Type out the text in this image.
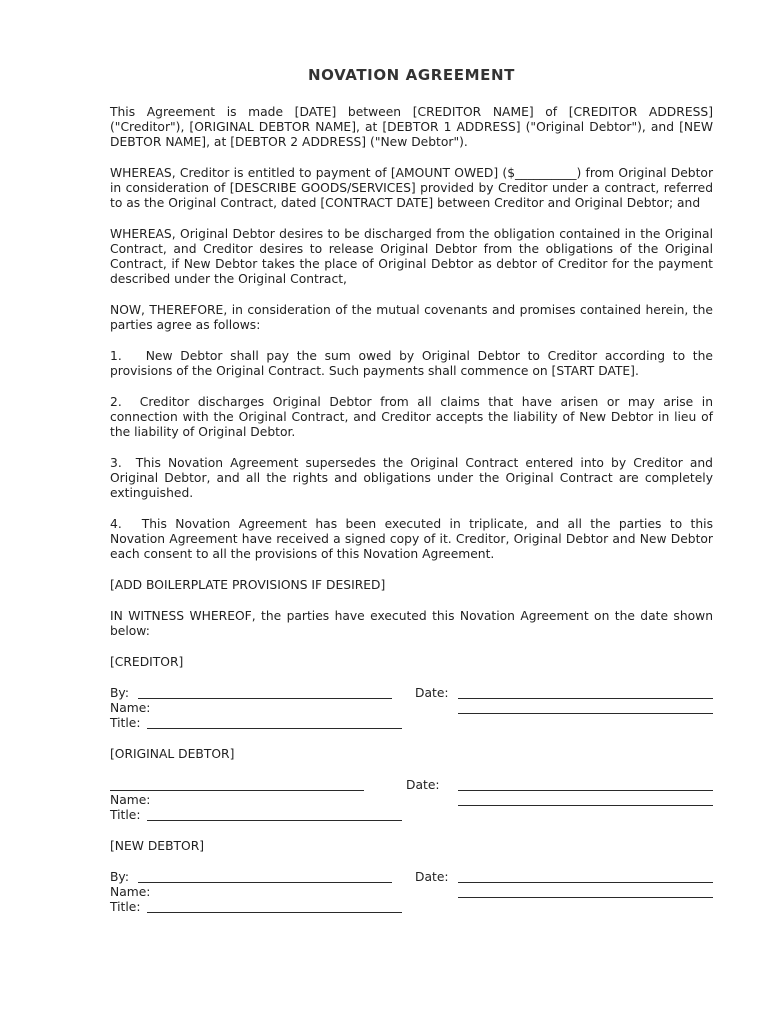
NOVATION AGREEMENT
This Agreement is made [DATE] between [CREDITOR NAME] of [CREDITOR ADDRESS] ("Creditor"), [ORIGINAL DEBTOR NAME], at [DEBTOR 1 ADDRESS] ("Original Debtor"), and [NEW DEBTOR NAME], at [DEBTOR 2 ADDRESS] ("New Debtor").
WHEREAS, Creditor is entitled to payment of [AMOUNT OWED] ($__________) from Original Debtor in consideration of [DESCRIBE GOODS/SERVICES] provided by Creditor under a contract, referred to as the Original Contract, dated [CONTRACT DATE] between Creditor and Original Debtor; and
WHEREAS, Original Debtor desires to be discharged from the obligation contained in the Original Contract, and Creditor desires to release Original Debtor from the obligations of the Original Contract, if New Debtor takes the place of Original Debtor as debtor of Creditor for the payment described under the Original Contract,
NOW, THEREFORE, in consideration of the mutual covenants and promises contained herein, the parties agree as follows:
1. New Debtor shall pay the sum owed by Original Debtor to Creditor according to the provisions of the Original Contract. Such payments shall commence on [START DATE].
2. Creditor discharges Original Debtor from all claims that have arisen or may arise in connection with the Original Contract, and Creditor accepts the liability of New Debtor in lieu of the liability of Original Debtor.
3. This Novation Agreement supersedes the Original Contract entered into by Creditor and Original Debtor, and all the rights and obligations under the Original Contract are completely extinguished.
4. This Novation Agreement has been executed in triplicate, and all the parties to this Novation Agreement have received a signed copy of it. Creditor, Original Debtor and New Debtor each consent to all the provisions of this Novation Agreement.
[ADD BOILERPLATE PROVISIONS IF DESIRED]
IN WITNESS WHEREOF, the parties have executed this Novation Agreement on the date shown below:
[CREDITOR]
By:	Date:
Name:
Title:
[ORIGINAL DEBTOR]
Date:
Name:
Title:
[NEW DEBTOR]
By:	Date:
Name:
Title:
